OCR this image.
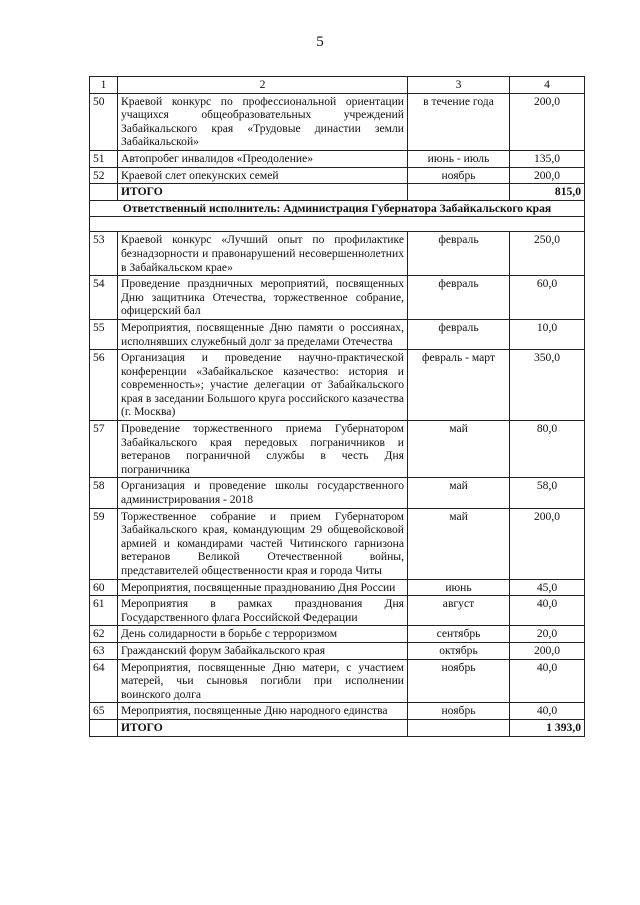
5
1	2	3	4
50	Краевой конкурс по профессиональной ориентации учащихся общеобразовательных учреждений Забайкальского края «Трудовые династии земли Забайкальской»	в течение года	200,0
51	Автопробег инвалидов «Преодоление»	июнь - июль	135,0
52	Краевой слет опекунских семей	ноябрь	200,0
	ИТОГО		815,0
Ответственный исполнитель: Администрация Губернатора Забайкальского края			

53	Краевой конкурс «Лучший опыт по профилактике безнадзорности и правонарушений несовершеннолетних в Забайкальском крае»	февраль	250,0
54	Проведение праздничных мероприятий, посвященных Дню защитника Отечества, торжественное собрание, офицерский бал	февраль	60,0
55	Мероприятия, посвященные Дню памяти о россиянах, исполнявших служебный долг за пределами Отечества	февраль	10,0
56	Организация и проведение научно-практической конференции «Забайкальское казачество: история и современность»; участие делегации от Забайкальского края в заседании Большого круга российского казачества (г. Москва)	февраль - март	350,0
57	Проведение торжественного приема Губернатором Забайкальского края передовых пограничников и ветеранов пограничной службы в честь Дня пограничника	май	80,0
58	Организация и проведение школы государственного администрирования - 2018	май	58,0
59	Торжественное собрание и прием Губернатором Забайкальского края, командующим 29 общевойсковой армией и командирами частей Читинского гарнизона ветеранов Великой Отечественной войны, представителей общественности края и города Читы	май	200,0
60	Мероприятия, посвященные празднованию Дня России	июнь	45,0
61	Мероприятия в рамках празднования Дня Государственного флага Российской Федерации	август	40,0
62	День солидарности в борьбе с терроризмом	сентябрь	20,0
63	Гражданский форум Забайкальского края	октябрь	200,0
64	Мероприятия, посвященные Дню матери, с участием матерей, чьи сыновья погибли при исполнении воинского долга	ноябрь	40,0
65	Мероприятия, посвященные Дню народного единства	ноябрь	40,0
	ИТОГО		1 393,0
